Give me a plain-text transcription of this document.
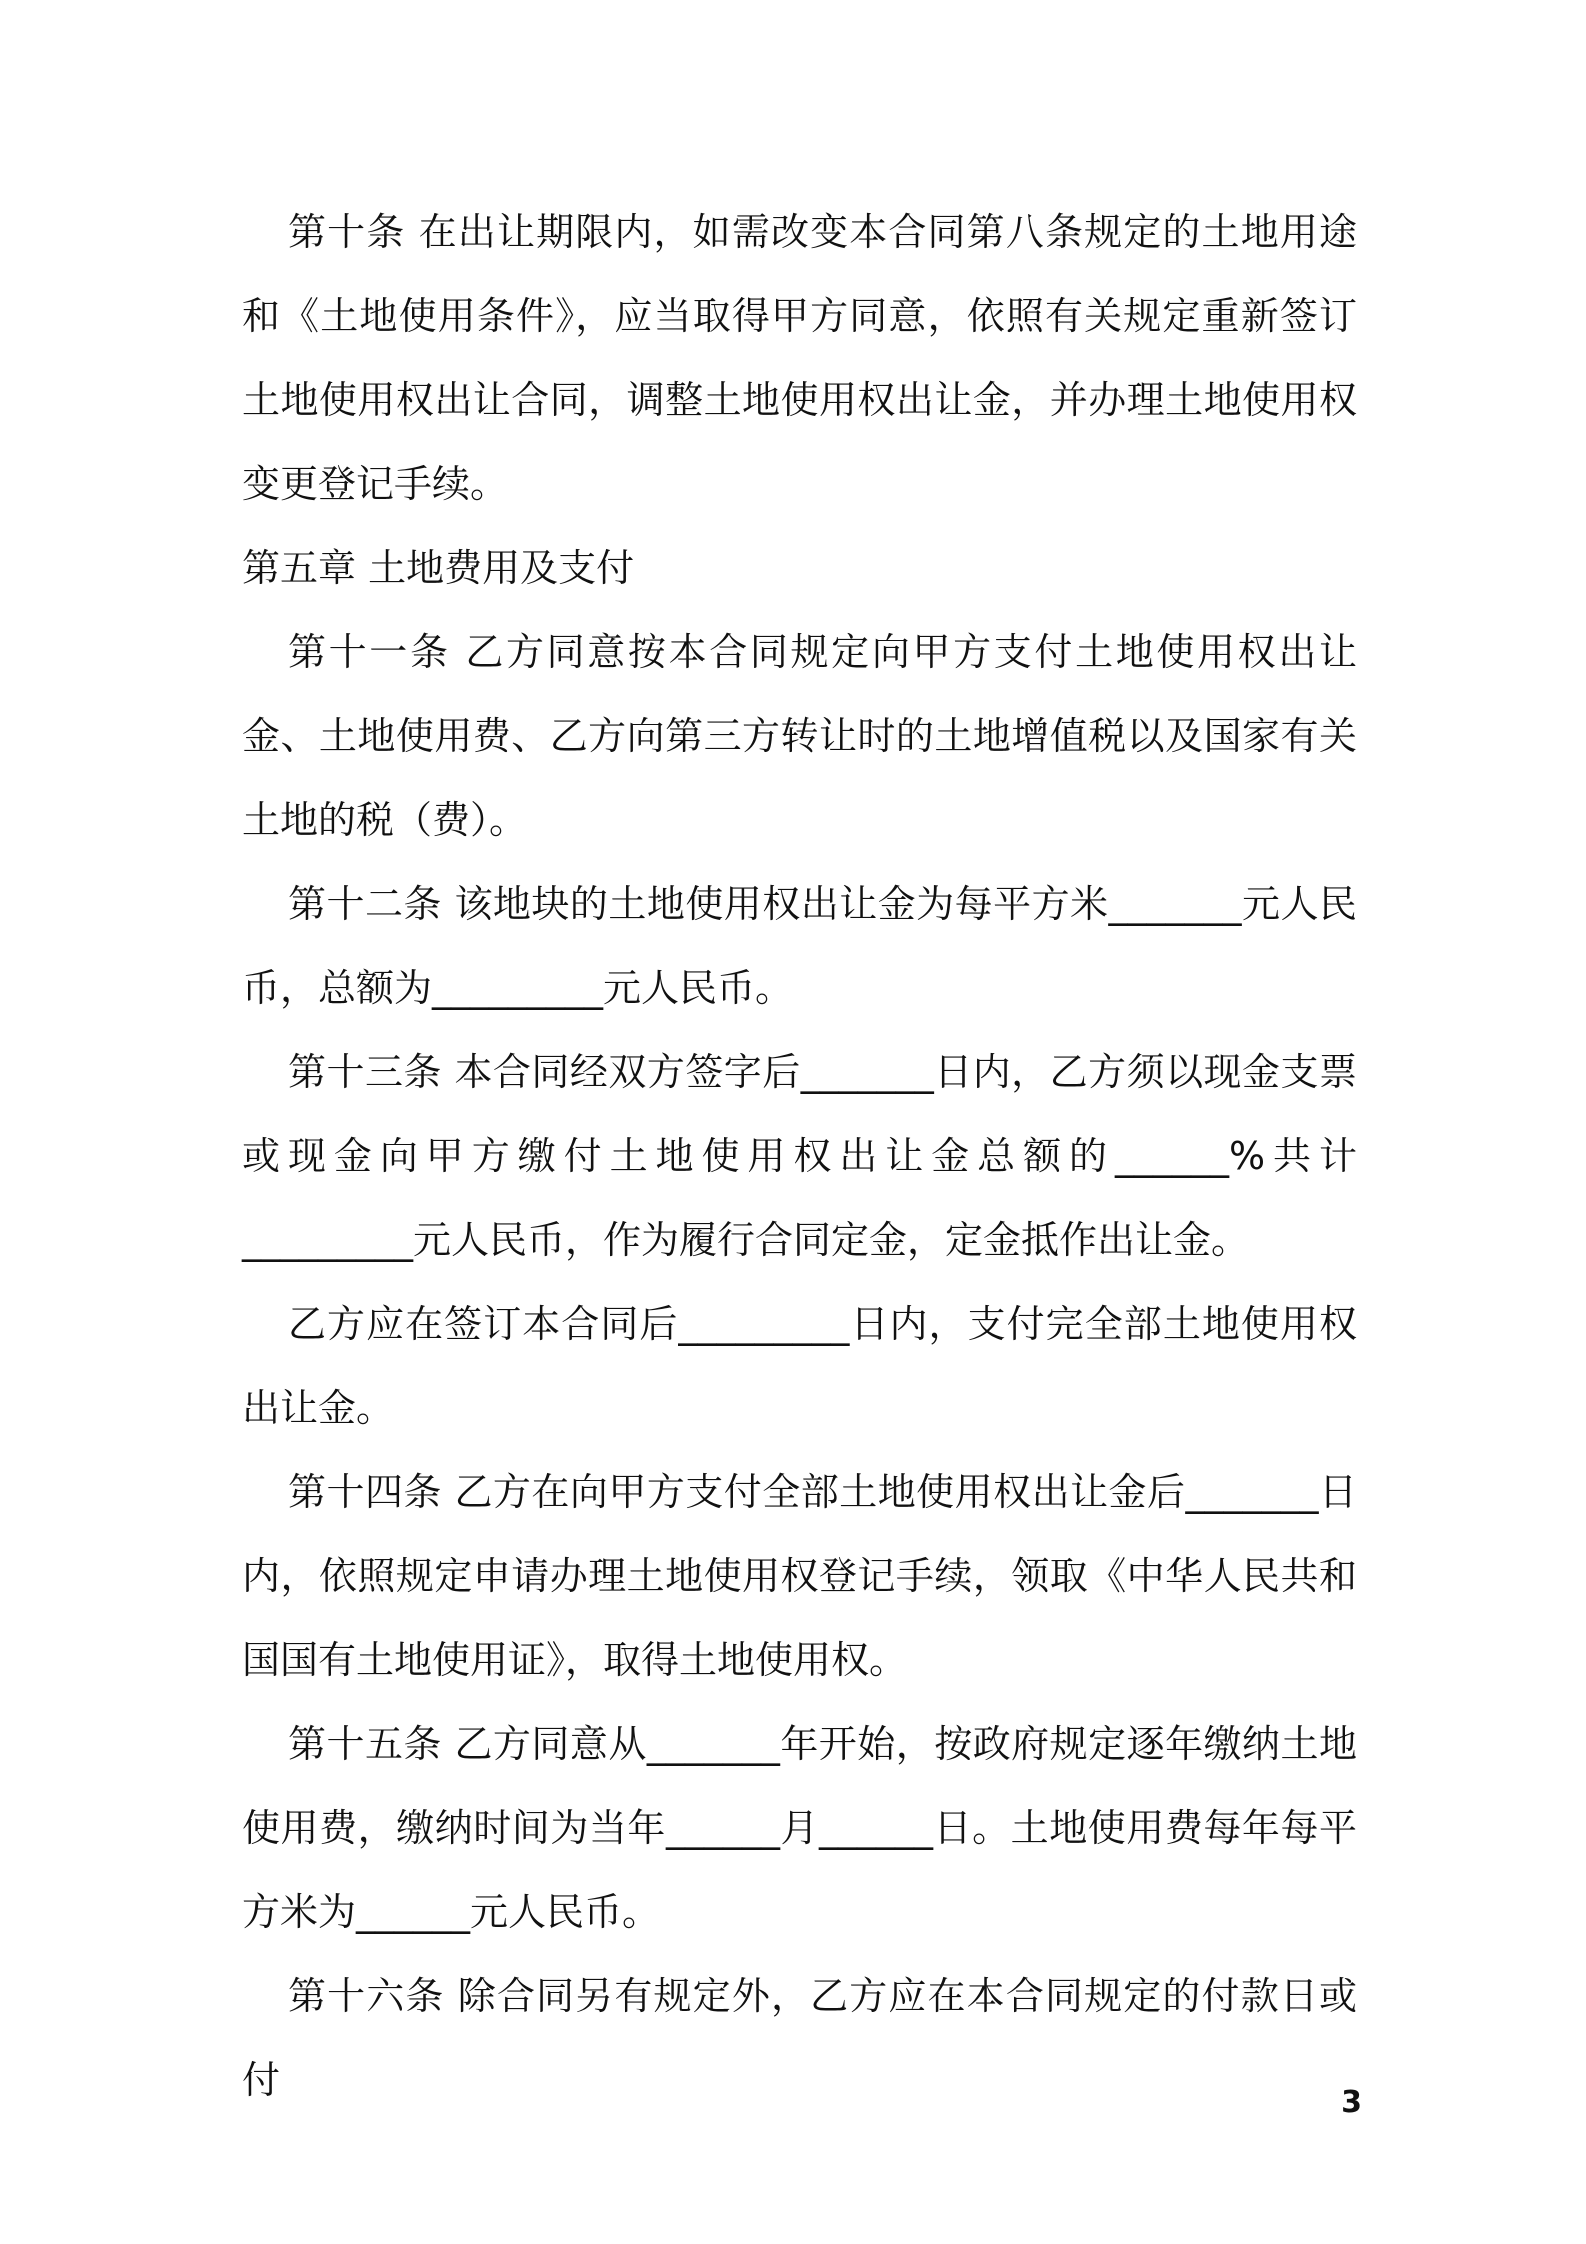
第十条 在出让期限内，如需改变本合同第八条规定的土地用途和《土地使用条件》，应当取得甲方同意，依照有关规定重新签订土地使用权出让合同，调整土地使用权出让金，并办理土地使用权变更登记手续。

第五章 土地费用及支付

第十一条 乙方同意按本合同规定向甲方支付土地使用权出让金、土地使用费、乙方向第三方转让时的土地增值税以及国家有关土地的税（费）。

第十二条 该地块的土地使用权出让金为每平方米_______元人民币，总额为_________元人民币。

第十三条 本合同经双方签字后_______日内，乙方须以现金支票或现金向甲方缴付土地使用权出让金总额的______%共计_________元人民币，作为履行合同定金，定金抵作出让金。

乙方应在签订本合同后_________日内，支付完全部土地使用权出让金。

第十四条 乙方在向甲方支付全部土地使用权出让金后_______日内，依照规定申请办理土地使用权登记手续，领取《中华人民共和国国有土地使用证》，取得土地使用权。

第十五条 乙方同意从_______年开始，按政府规定逐年缴纳土地使用费，缴纳时间为当年______月______日。土地使用费每年每平方米为______元人民币。

第十六条 除合同另有规定外，乙方应在本合同规定的付款日或付

3
